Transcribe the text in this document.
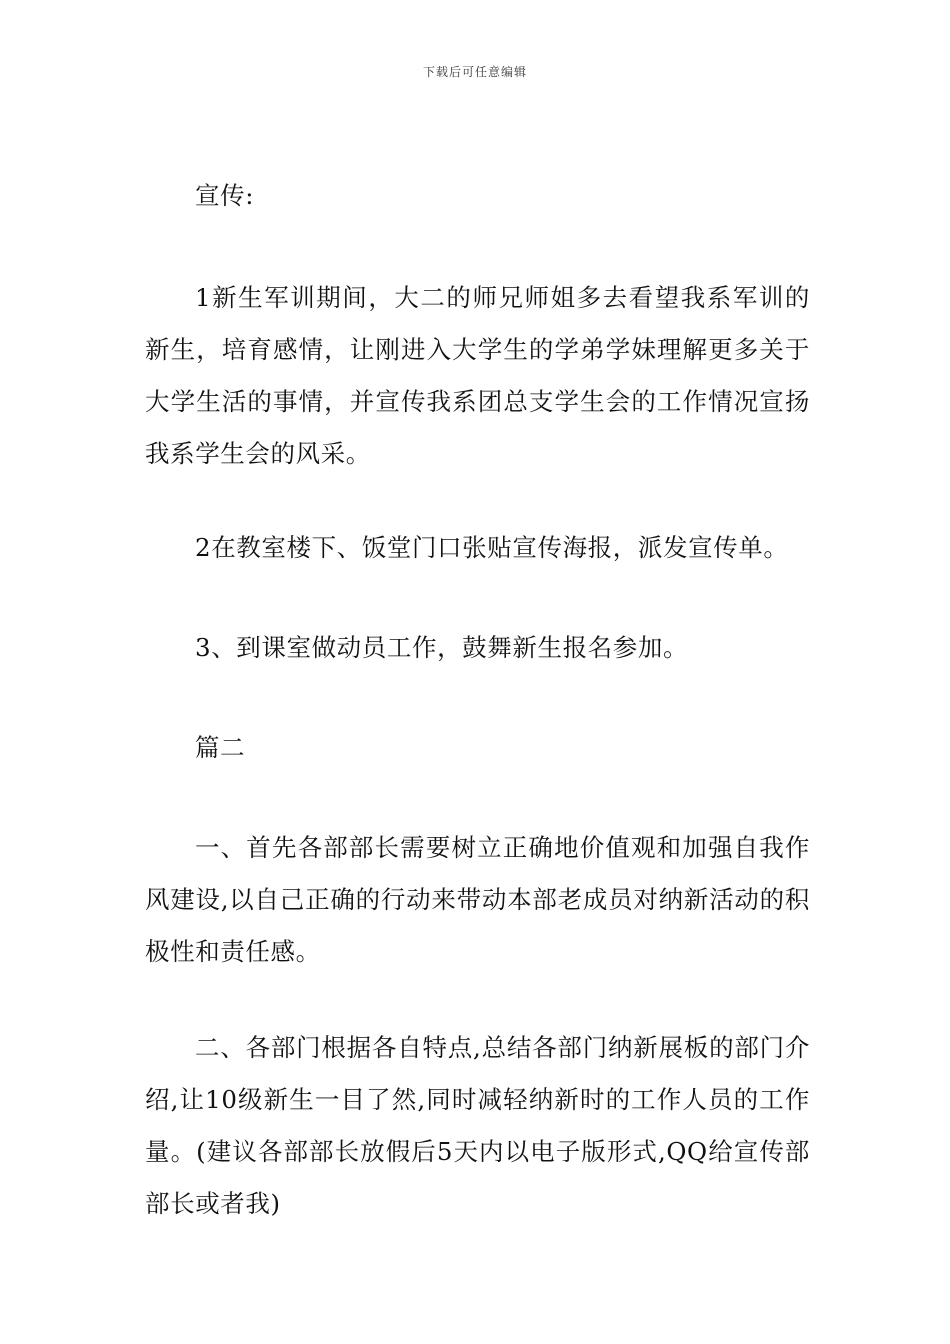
下载后可任意编辑

宣传:

1新生军训期间，大二的师兄师姐多去看望我系军训的新生，培育感情，让刚进入大学生的学弟学妹理解更多关于大学生活的事情，并宣传我系团总支学生会的工作情况宣扬我系学生会的风采。

2在教室楼下、饭堂门口张贴宣传海报，派发宣传单。

3、到课室做动员工作，鼓舞新生报名参加。

篇二

一、首先各部部长需要树立正确地价值观和加强自我作风建设,以自己正确的行动来带动本部老成员对纳新活动的积极性和责任感。

二、各部门根据各自特点,总结各部门纳新展板的部门介绍,让10级新生一目了然,同时减轻纳新时的工作人员的工作量。(建议各部部长放假后5天内以电子版形式,QQ给宣传部部长或者我)
